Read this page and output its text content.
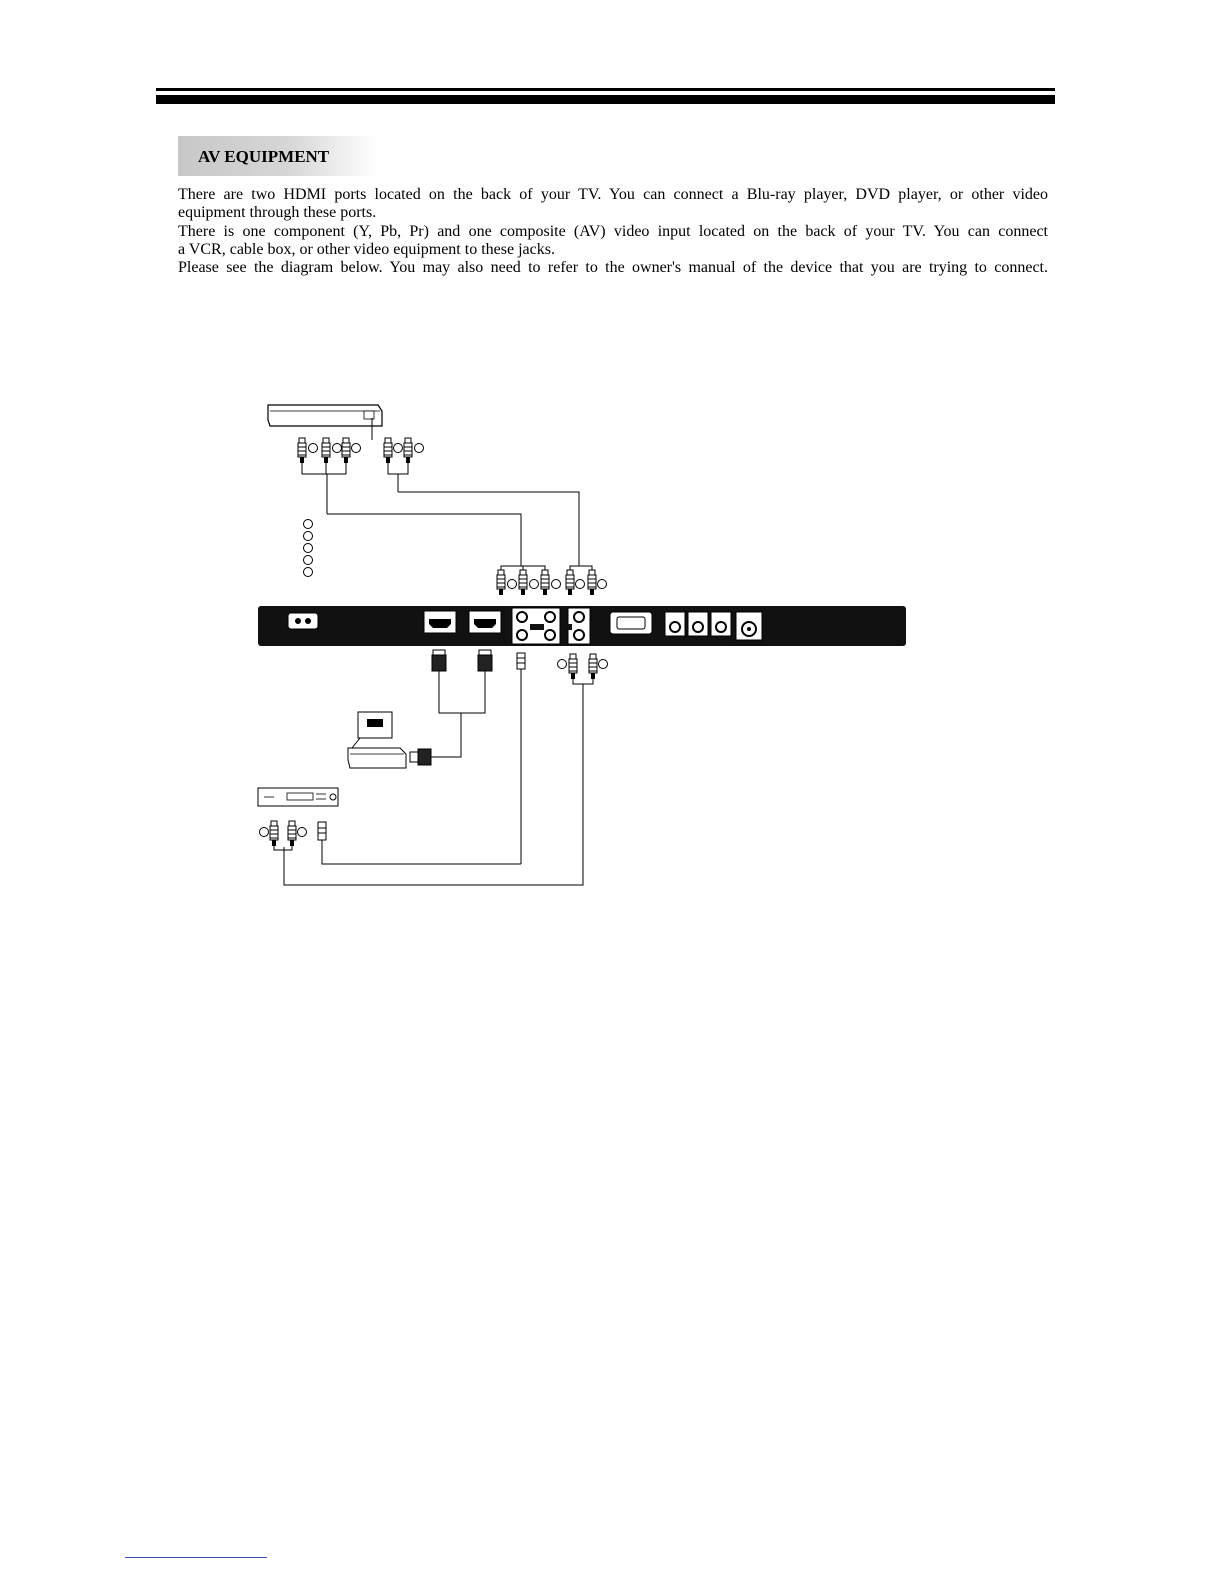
AV EQUIPMENT

There are two HDMI ports located on the back of your TV. You can connect a Blu-ray player, DVD player, or other video

equipment through these ports.

There is one component (Y, Pb, Pr) and one composite (AV) video input located on the back of your TV. You can connect

a VCR, cable box, or other video equipment to these jacks.

Please see the diagram below. You may also need to refer to the owner's manual of the device that you are trying to connect.
